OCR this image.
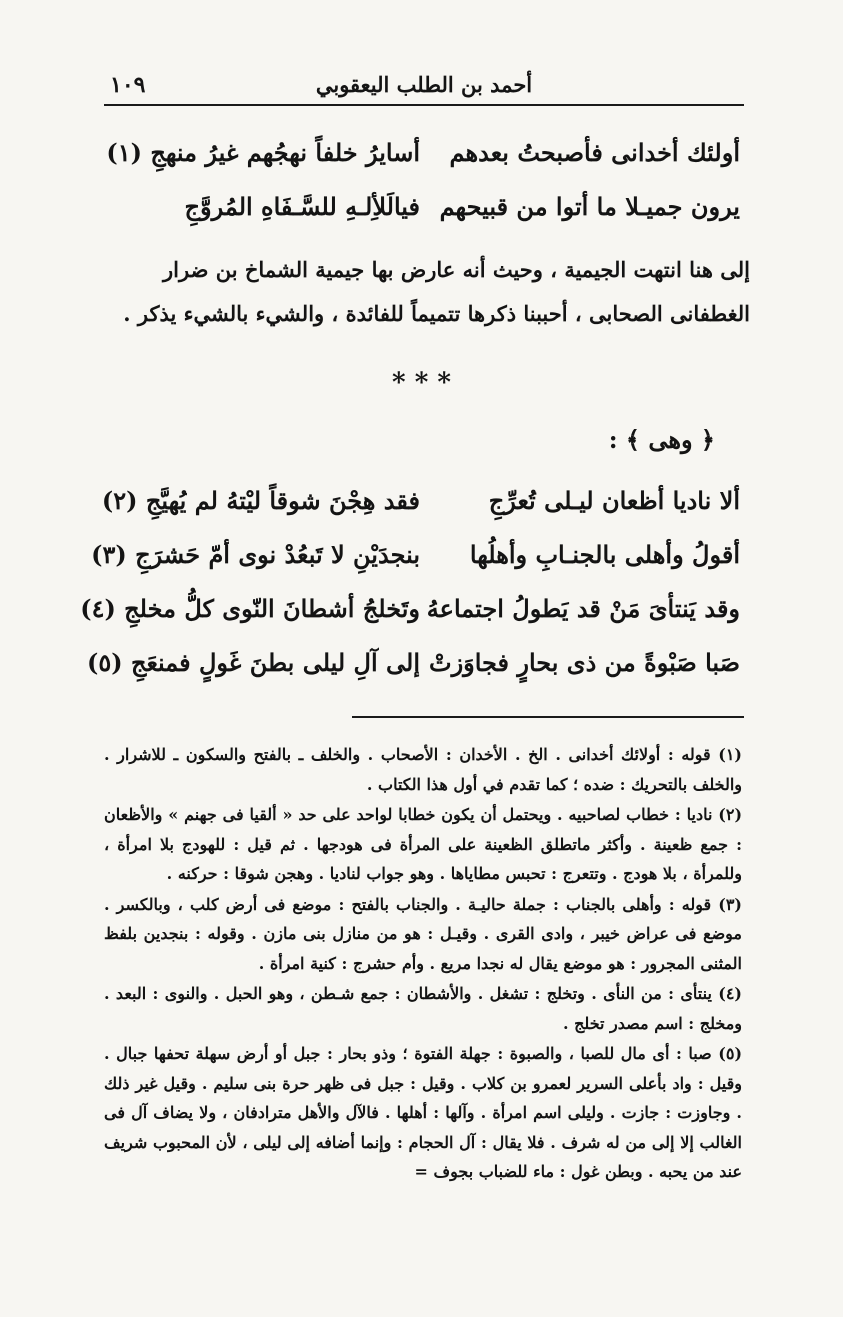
١٠٩	أحمد بن الطلب اليعقوبي
أولئك أخدانى فأصبحتُ بعدهم
أسايرُ خلفاً نهجُهم غيرُ منهجِ (١)
يرون جميـلا ما أتوا من قبيحهم
فيالَلأِلـهِ للسَّـفَاهِ المُروَّجِ
إلى هنا انتهت الجيمية ، وحيث أنه عارض بها جيمية الشماخ بن ضرار الغطفانى الصحابى ، أحببنا ذكرها تتميماً للفائدة ، والشيء بالشيء يذكر .
* * *
﴿ وهى ﴾ :
ألا ناديا أظعان ليـلى تُعرِّجِ
فقد هِجْنَ شوقاً ليْتهُ لم يُهيَّجِ (٢)
أقولُ وأهلى بالجنـابِ وأهلُها
بنجدَيْنِ لا تَبعُدْ نوى أمّ حَشرَجِ (٣)
وقد يَنتأىَ مَنْ قد يَطولُ اجتماعهُ
وتَخلجُ أشطانَ النّوى كلُّ مخلجِ (٤)
صَبا صَبْوةً من ذى بحارٍ فجاوَزتْ
إلى آلِ ليلى بطنَ غَولٍ فمنعَجِ (٥)

(١) قوله : أولائك أخدانى . الخ . الأخدان : الأصحاب . والخلف ـ بالفتح والسكون ـ للاشرار . والخلف بالتحريك : ضده ؛ كما تقدم في أول هذا الكتاب .

(٢) ناديا : خطاب لصاحبيه . ويحتمل أن يكون خطابا لواحد على حد « ألقيا فى جهنم » والأظعان : جمع ظعينة . وأكثر ماتطلق الظعينة على المرأة فى هودجها . ثم قيل : للهودج بلا امرأة ، وللمرأة ، بلا هودج . وتتعرج : تحبس مطاياها . وهو جواب لناديا . وهجن شوقا : حركنه .

(٣) قوله : وأهلى بالجناب : جملة حاليـة . والجناب بالفتح : موضع فى أرض كلب ، وبالكسر . موضع فى عراض خيبر ، وادى القرى . وقيـل : هو من منازل بنى مازن . وقوله : بنجدين بلفظ المثنى المجرور : هو موضع يقال له نجدا مريع . وأم حشرج : كنية امرأة .

(٤) ينتأى : من النأى . وتخلج : تشغل . والأشطان : جمع شـطن ، وهو الحبل . والنوى : البعد . ومخلج : اسم مصدر تخلج .

(٥) صبا : أى مال للصبا ، والصبوة : جهلة الفتوة ؛ وذو بحار : جبل أو أرض سهلة تحفها جبال . وقيل : واد بأعلى السرير لعمرو بن كلاب . وقيل : جبل فى ظهر حرة بنى سليم . وقيل غير ذلك . وجاوزت : جازت . وليلى اسم امرأة . وآلها : أهلها . فالآل والأهل مترادفان ، ولا يضاف آل فى الغالب إلا إلى من له شرف . فلا يقال : آل الحجام : وإنما أضافه إلى ليلى ، لأن المحبوب شريف عند من يحبه . وبطن غول : ماء للضباب بجوف =
